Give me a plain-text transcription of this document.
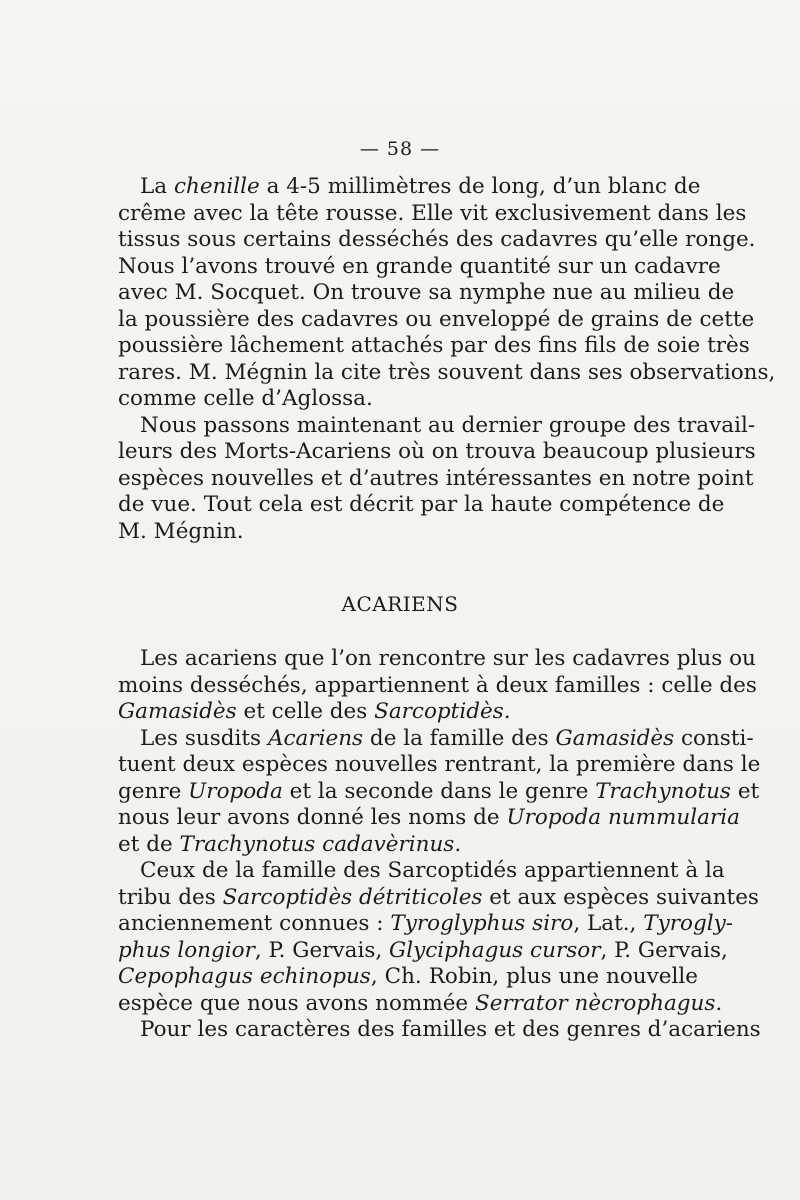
— 58 —
La chenille a 4-5 millimètres de long, d’un blanc de
crême avec la tête rousse. Elle vit exclusivement dans les
tissus sous certains desséchés des cadavres qu’elle ronge.
Nous l’avons trouvé en grande quantité sur un cadavre
avec M. Socquet. On trouve sa nymphe nue au milieu de
la poussière des cadavres ou enveloppé de grains de cette
poussière lâchement attachés par des fins fils de soie très
rares. M. Mégnin la cite très souvent dans ses observations,
comme celle d’Aglossa.
Nous passons maintenant au dernier groupe des travail-
leurs des Morts-Acariens où on trouva beaucoup plusieurs
espèces nouvelles et d’autres intéressantes en notre point
de vue. Tout cela est décrit par la haute compétence de
M. Mégnin.
ACARIENS
Les acariens que l’on rencontre sur les cadavres plus ou
moins desséchés, appartiennent à deux familles : celle des
Gamasidès et celle des Sarcoptidès.
Les susdits Acariens de la famille des Gamasidès consti-
tuent deux espèces nouvelles rentrant, la première dans le
genre Uropoda et la seconde dans le genre Trachynotus et
nous leur avons donné les noms de Uropoda nummularia
et de Trachynotus cadavèrinus.
Ceux de la famille des Sarcoptidés appartiennent à la
tribu des Sarcoptidès détriticoles et aux espèces suivantes
anciennement connues : Tyroglyphus siro, Lat., Tyrogly-
phus longior, P. Gervais, Glyciphagus cursor, P. Gervais,
Cepophagus echinopus, Ch. Robin, plus une nouvelle
espèce que nous avons nommée Serrator nècrophagus.
Pour les caractères des familles et des genres d’acariens
